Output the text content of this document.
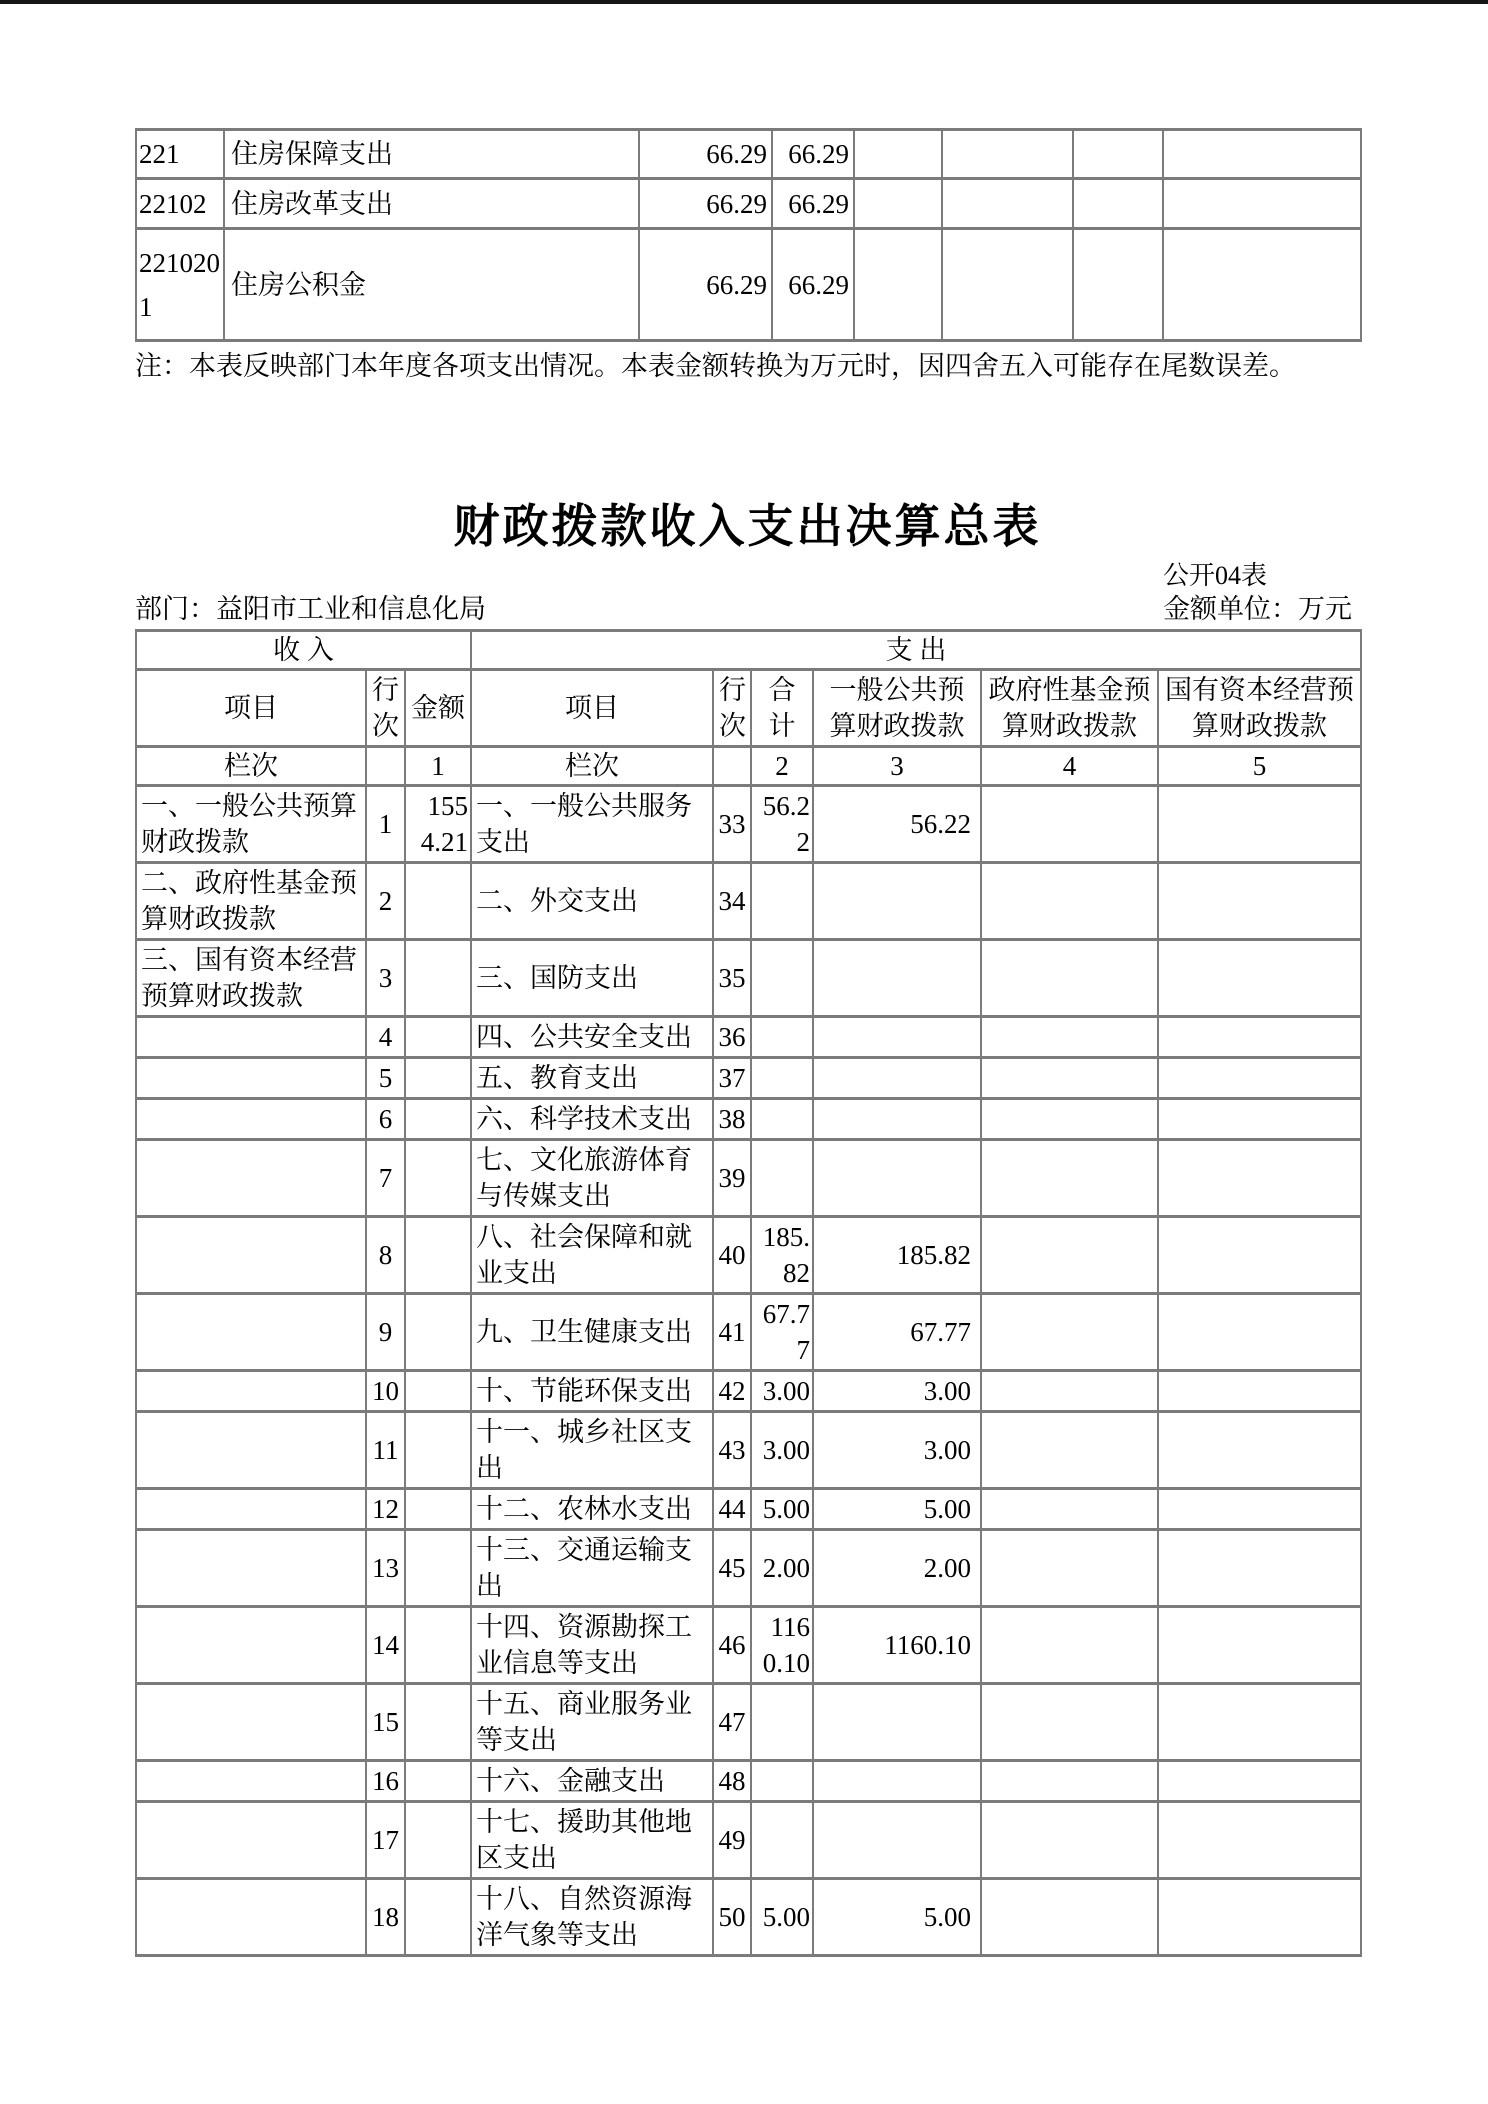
221	住房保障支出	66.29	66.29				
22102	住房改革支出	66.29	66.29				
2210201	住房公积金	66.29	66.29				
注：本表反映部门本年度各项支出情况。本表金额转换为万元时，因四舍五入可能存在尾数误差。
财政拨款收入支出决算总表
公开04表
部门：益阳市工业和信息化局	金额单位：万元
收 入			支 出					
项目	行次	金额	项目	行次	合计	一般公共预算财政拨款	政府性基金预算财政拨款	国有资本经营预算财政拨款
栏次		1	栏次		2	3	4	5
一、一般公共预算财政拨款	1	1554.21	一、一般公共服务支出	33	56.22	56.22		
二、政府性基金预算财政拨款	2		二、外交支出	34				
三、国有资本经营预算财政拨款	3		三、国防支出	35				
	4		四、公共安全支出	36				
	5		五、教育支出	37				
	6		六、科学技术支出	38				
	7		七、文化旅游体育与传媒支出	39				
	8		八、社会保障和就业支出	40	185.82	185.82		
	9		九、卫生健康支出	41	67.77	67.77		
	10		十、节能环保支出	42	3.00	3.00		
	11		十一、城乡社区支出	43	3.00	3.00		
	12		十二、农林水支出	44	5.00	5.00		
	13		十三、交通运输支出	45	2.00	2.00		
	14		十四、资源勘探工业信息等支出	46	1160.10	1160.10		
	15		十五、商业服务业等支出	47				
	16		十六、金融支出	48				
	17		十七、援助其他地区支出	49				
	18		十八、自然资源海洋气象等支出	50	5.00	5.00		
